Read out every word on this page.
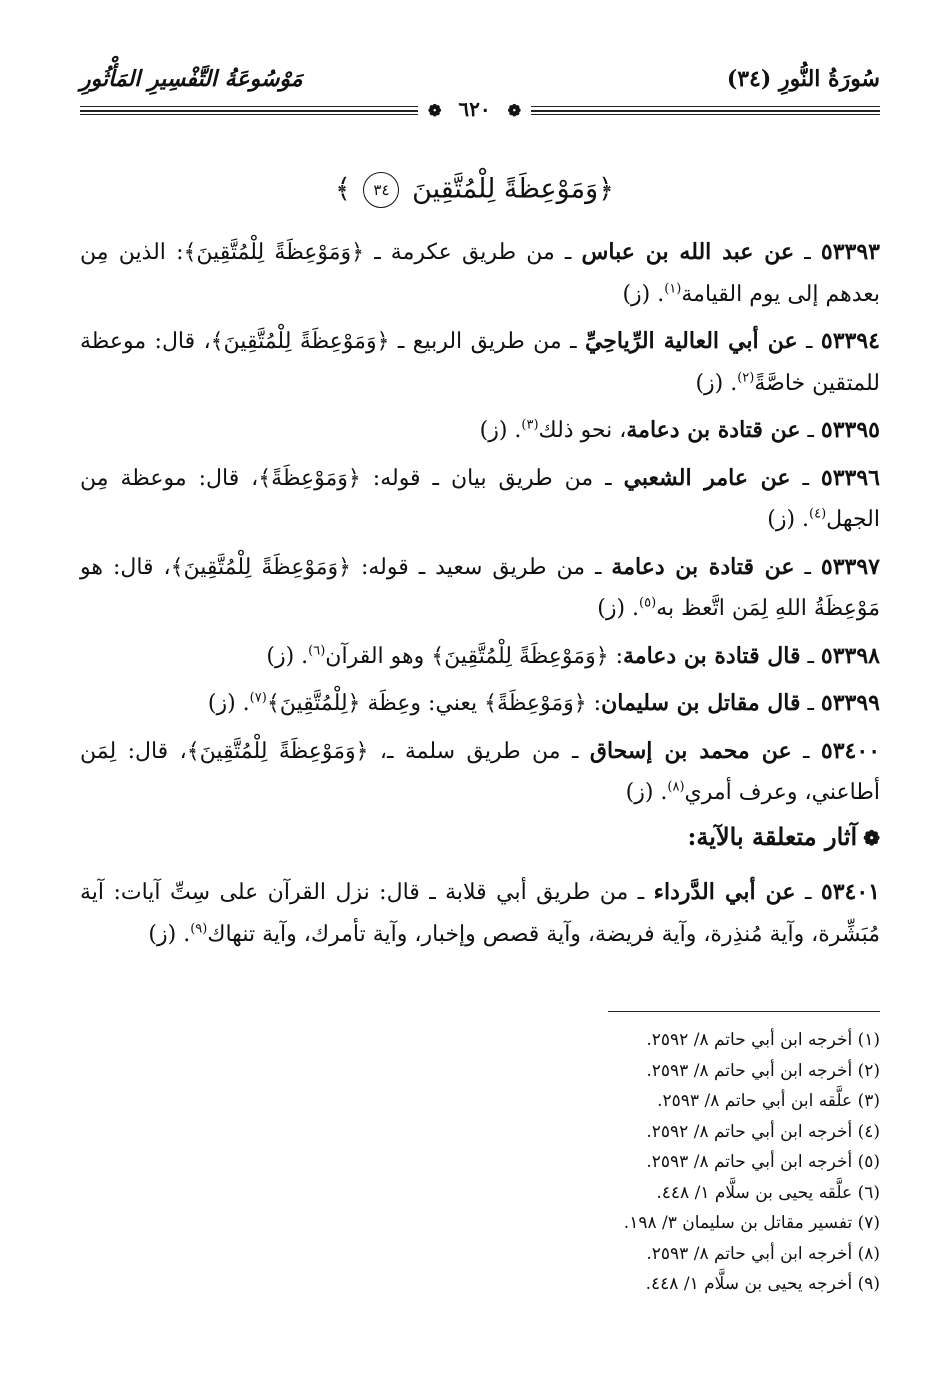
سُورَةُ النُّورِ (٣٤)
مَوْسُوعَةُ التَّفْسِيرِ المَأْثُورِ
❁ ٦٢٠ ❁
﴿وَمَوْعِظَةً لِلْمُتَّقِينَ ٣٤ ﴾

٥٣٣٩٣ ـ عن عبد الله بن عباس ـ من طريق عكرمة ـ ﴿وَمَوْعِظَةً لِلْمُتَّقِينَ﴾: الذين مِن بعدهم إلى يوم القيامة$^{(١)}$. (ز)

٥٣٣٩٤ ـ عن أبي العالية الرِّياحِيِّ ـ من طريق الربيع ـ ﴿وَمَوْعِظَةً لِلْمُتَّقِينَ﴾، قال: موعظة للمتقين خاصَّةً$^{(٢)}$. (ز)

٥٣٣٩٥ ـ عن قتادة بن دعامة، نحو ذلك$^{(٣)}$. (ز)

٥٣٣٩٦ ـ عن عامر الشعبي ـ من طريق بيان ـ قوله: ﴿وَمَوْعِظَةً﴾، قال: موعظة مِن الجهل$^{(٤)}$. (ز)

٥٣٣٩٧ ـ عن قتادة بن دعامة ـ من طريق سعيد ـ قوله: ﴿وَمَوْعِظَةً لِلْمُتَّقِينَ﴾، قال: هو مَوْعِظَةُ اللهِ لِمَن اتَّعظ به$^{(٥)}$. (ز)

٥٣٣٩٨ ـ قال قتادة بن دعامة: ﴿وَمَوْعِظَةً لِلْمُتَّقِينَ﴾ وهو القرآن$^{(٦)}$. (ز)

٥٣٣٩٩ ـ قال مقاتل بن سليمان: ﴿وَمَوْعِظَةً﴾ يعني: وعِظَة ﴿لِلْمُتَّقِينَ﴾$^{(٧)}$. (ز)

٥٣٤٠٠ ـ عن محمد بن إسحاق ـ من طريق سلمة ـ، ﴿وَمَوْعِظَةً لِلْمُتَّقِينَ﴾، قال: لِمَن أطاعني، وعرف أمري$^{(٨)}$. (ز)

❁آثار متعلقة بالآية:

٥٣٤٠١ ـ عن أبي الدَّرداء ـ من طريق أبي قلابة ـ قال: نزل القرآن على سِتِّ آيات: آية مُبَشِّرة، وآية مُنذِرة، وآية فريضة، وآية قصص وإخبار، وآية تأمرك، وآية تنهاك$^{(٩)}$. (ز)

(١) أخرجه ابن أبي حاتم ٨/ ٢٥٩٢.
(٢) أخرجه ابن أبي حاتم ٨/ ٢٥٩٣.
(٣) علَّقه ابن أبي حاتم ٨/ ٢٥٩٣.
(٤) أخرجه ابن أبي حاتم ٨/ ٢٥٩٢.
(٥) أخرجه ابن أبي حاتم ٨/ ٢٥٩٣.
(٦) علَّقه يحيى بن سلَّام ١/ ٤٤٨.
(٧) تفسير مقاتل بن سليمان ٣/ ١٩٨.
(٨) أخرجه ابن أبي حاتم ٨/ ٢٥٩٣.
(٩) أخرجه يحيى بن سلَّام ١/ ٤٤٨.
